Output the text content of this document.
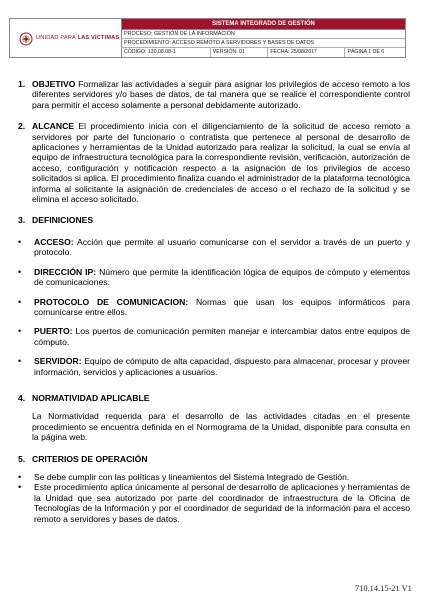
UNIDAD PARA LAS VÍCTIMAS
SISTEMA INTEGRADO DE GESTIÓN
PROCESO: GESTIÓN DE LA INFORMACIÓN
PROCEDIMIENTO: ACCESO REMOTO A SERVIDORES Y BASES DE DATOS
CÓDIGO: 130,08.08-1	VERSIÓN: 01	FECHA: 25/08/2017	PÁGINA 1 DE 6
1. OBJETIVO Formalizar las actividades a seguir para asignar los privilegios de acceso remoto a los diferentes servidores y/o bases de datos, de tal manera que se realice el correspondiente control para permitir el acceso solamente a personal debidamente autorizado.
2. ALCANCE El procedimiento inicia con el diligenciamiento de la solicitud de acceso remoto a servidores por parte del funcionario o contratista que pertenece al personal de desarrollo de aplicaciones y herramientas de la Unidad autorizado para realizar la solicitud, la cual se envía al equipo de infraestructura tecnológica para la correspondiente revisión, verificación, autorización de acceso, configuración y notificación respecto a la asignación de los privilegios de acceso solicitados si aplica. El procedimiento finaliza cuando el administrador de la plataforma tecnológica informa al solicitante la asignación de credenciales de acceso o el rechazo de la solicitud y se elimina el acceso solicitado.
3. DEFINICIONES
•	ACCESO: Acción que permite al usuario comunicarse con el servidor a través de un puerto y protocolo.
•	DIRECCIÓN IP: Número que permite la identificación lógica de equipos de cómputo y elementos de comunicaciones.
•	PROTOCOLO DE COMUNICACION: Normas que usan los equipos informáticos para comunicarse entre ellos.
•	PUERTO: Los puertos de comunicación permiten manejar e intercambiar datos entre equipos de cómputo.
•	SERVIDOR: Equipo de cómputo de alta capacidad, dispuesto para almacenar, procesar y proveer información, servicios y aplicaciones a usuarios.
4. NORMATIVIDAD APLICABLE
La Normatividad requerida para el desarrollo de las actividades citadas en el presente procedimiento se encuentra definida en el Normograma de la Unidad, disponible para consulta en la página web.
5. CRITERIOS DE OPERACIÓN
•	Se debe cumplir con las políticas y lineamientos del Sistema Integrado de Gestión.
•	Este procedimiento aplica únicamente al personal de desarrollo de aplicaciones y herramientas de la Unidad que sea autorizado por parte del coordinador de infraestructura de la Oficina de Tecnologías de la Información y por el coordinador de seguridad de la información para el acceso remoto a servidores y bases de datos.
710.14.15-21 V1
